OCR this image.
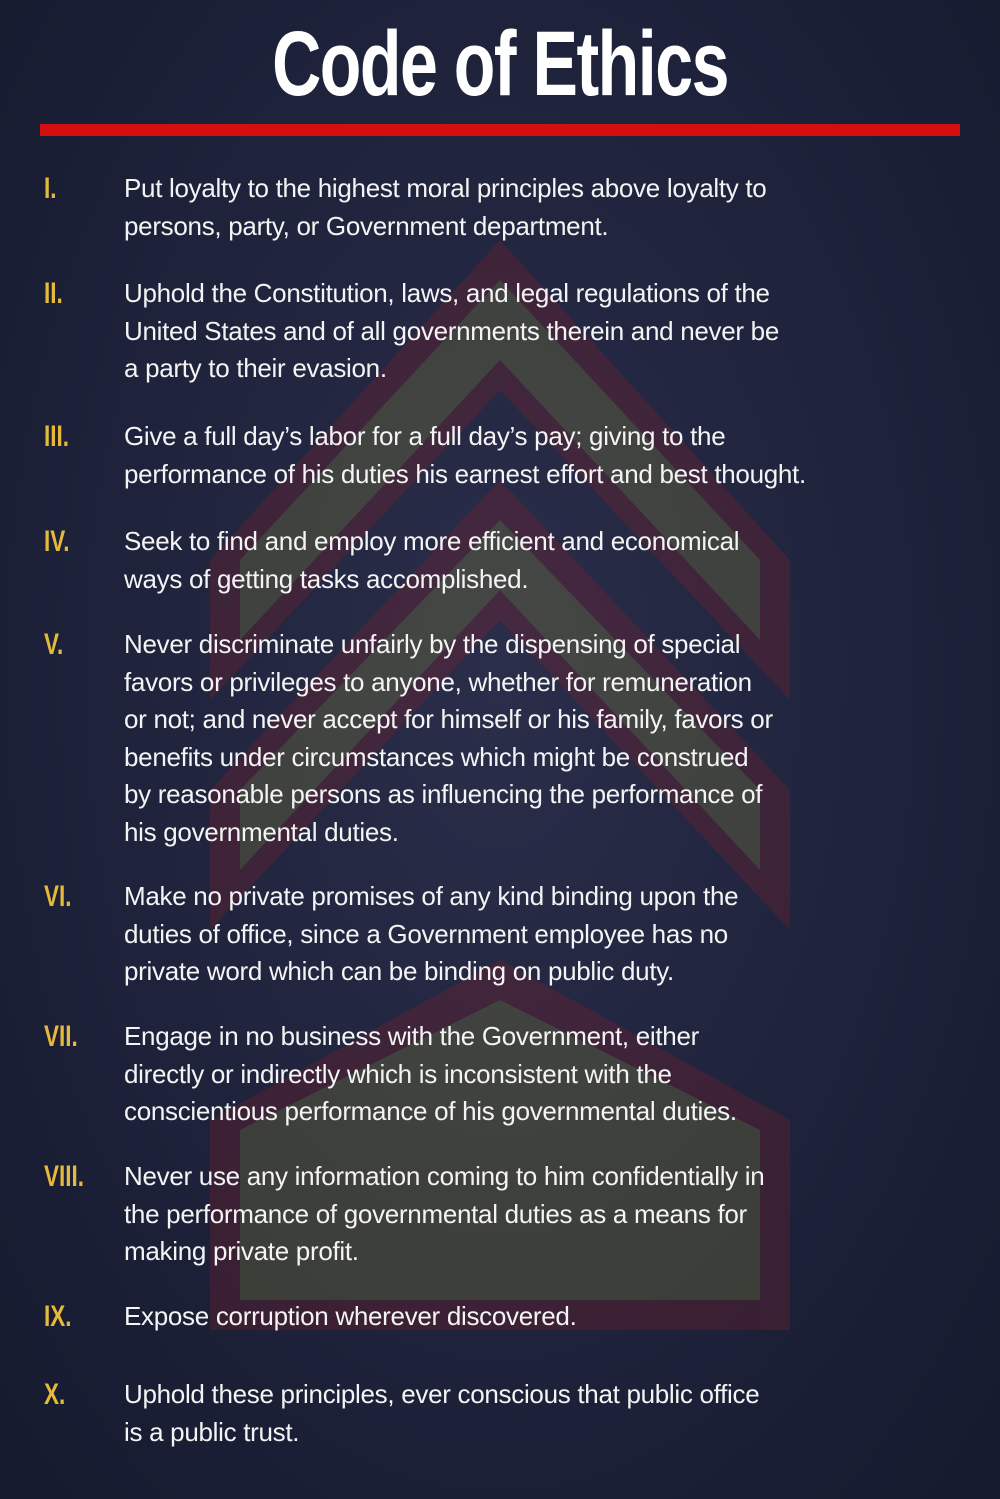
Code of Ethics
I.	Put loyalty to the highest moral principles above loyalty to
persons, party, or Government department.
II. Uphold the Constitution, laws, and legal regulations of the
United States and of all governments therein and never be
a party to their evasion.
III. Give a full day’s labor for a full day’s pay; giving to the
performance of his duties his earnest effort and best thought.
IV. Seek to find and employ more efficient and economical
ways of getting tasks accomplished.
V. Never discriminate unfairly by the dispensing of special
favors or privileges to anyone, whether for remuneration
or not; and never accept for himself or his family, favors or
benefits under circumstances which might be construed
by reasonable persons as influencing the performance of
his governmental duties.
VI. Make no private promises of any kind binding upon the
duties of office, since a Government employee has no
private word which can be binding on public duty.
VII. Engage in no business with the Government, either
directly or indirectly which is inconsistent with the
conscientious performance of his governmental duties.
VIII. Never use any information coming to him confidentially in
the performance of governmental duties as a means for
making private profit.
IX. Expose corruption wherever discovered.
X. Uphold these principles, ever conscious that public office
is a public trust.
